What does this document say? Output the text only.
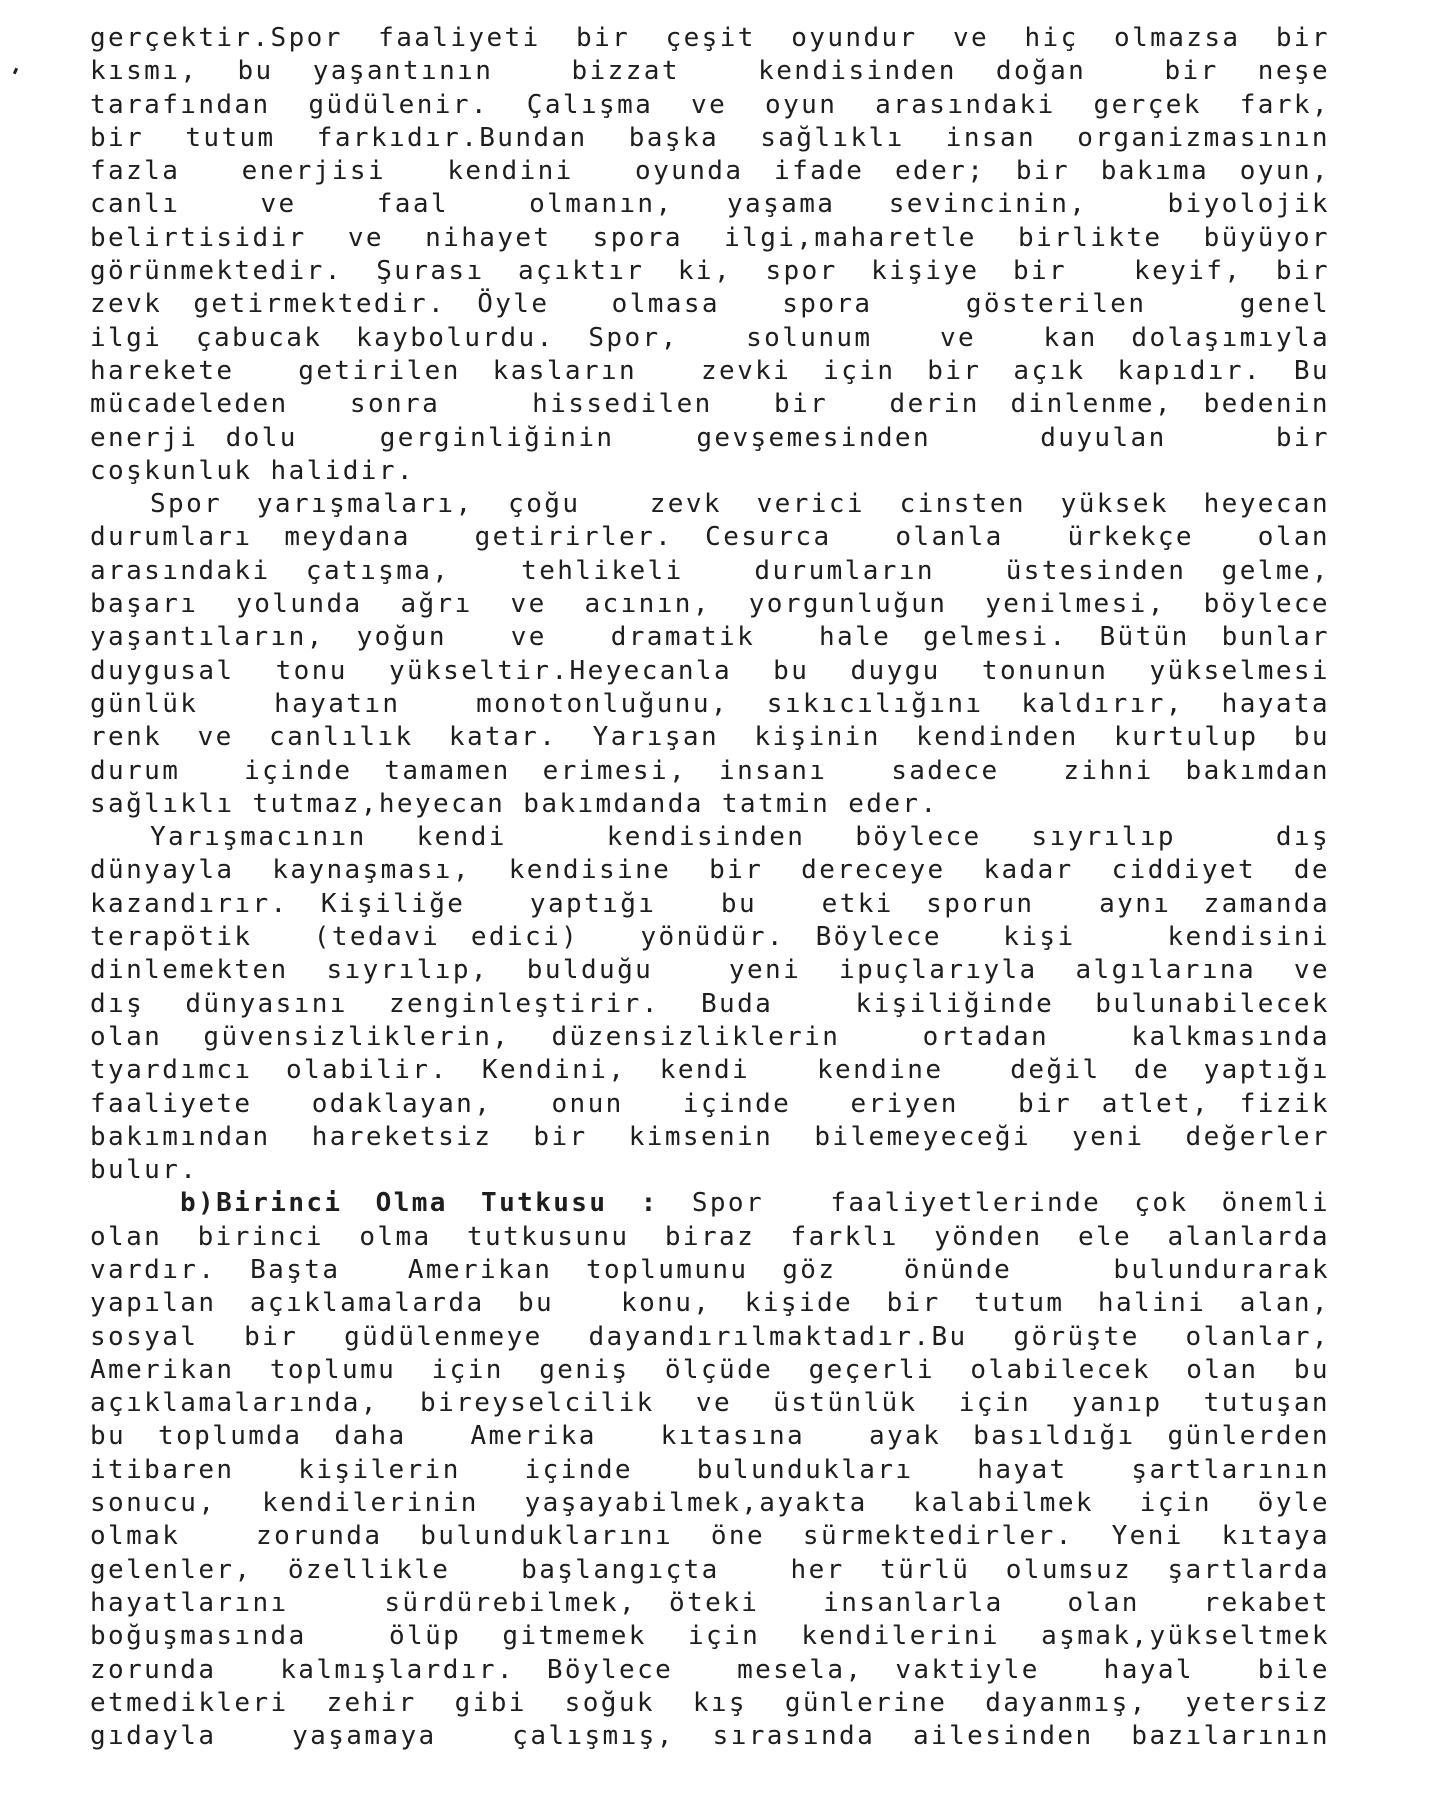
gerçektir.Spor faaliyeti bir çeşit oyundur ve hiç olmazsa bir
kısmı, bu yaşantının  bizzat  kendisinden doğan  bir neşe
tarafından güdülenir. Çalışma ve oyun arasındaki gerçek fark,
bir tutum farkıdır.Bundan başka sağlıklı insan organizmasının
fazla  enerjisi  kendini  oyunda ifade eder; bir bakıma oyun,
canlı   ve   faal   olmanın,  yaşama  sevincinin,   biyolojik
belirtisidir ve nihayet spora ilgi,maharetle birlikte büyüyor
görünmektedir. Şurası açıktır ki, spor kişiye bir  keyif, bir
zevk getirmektedir. Öyle  olmasa  spora   gösterilen   genel
ilgi çabucak kaybolurdu. Spor,  solunum  ve  kan dolaşımıyla
harekete  getirilen kasların  zevki için bir açık kapıdır. Bu
mücadeleden  sonra   hissedilen  bir  derin dinlenme, bedenin
enerji dolu   gerginliğinin   gevşemesinden    duyulan    bir
coşkunluk halidir.
Spor yarışmaları, çoğu  zevk verici cinsten yüksek heyecan
durumları meydana  getirirler. Cesurca  olanla  ürkekçe  olan
arasındaki çatışma,  tehlikeli  durumların  üstesinden gelme,
başarı yolunda ağrı ve acının, yorgunluğun yenilmesi, böylece
yaşantıların, yoğun  ve  dramatik  hale gelmesi. Bütün bunlar
duygusal tonu yükseltir.Heyecanla bu duygu tonunun yükselmesi
günlük  hayatın  monotonluğunu, sıkıcılığını kaldırır, hayata
renk ve canlılık katar. Yarışan kişinin kendinden kurtulup bu
durum  içinde tamamen erimesi, insanı  sadece  zihni bakımdan
sağlıklı tutmaz,heyecan bakımdanda tatmin eder.
Yarışmacının kendi  kendisinden böylece sıyrılıp  dış
dünyayla kaynaşması, kendisine bir dereceye kadar ciddiyet de
kazandırır. Kişiliğe  yaptığı  bu  etki sporun  aynı zamanda
terapötik  (tedavi edici)  yönüdür. Böylece  kişi   kendisini
dinlemekten sıyrılıp, bulduğu  yeni ipuçlarıyla algılarına ve
dış dünyasını zenginleştirir. Buda  kişiliğinde bulunabilecek
olan güvensizliklerin, düzensizliklerin  ortadan  kalkmasında
tyardımcı olabilir. Kendini, kendi  kendine  değil de yaptığı
faaliyete  odaklayan,  onun  içinde  eriyen  bir atlet, fizik
bakımından hareketsiz bir kimsenin bilemeyeceği yeni değerler
bulur.
b)Birinci Olma Tutkusu : Spor  faaliyetlerinde çok önemli
olan birinci olma tutkusunu biraz farklı yönden ele alanlarda
vardır. Başta  Amerikan toplumunu göz  önünde   bulundurarak
yapılan açıklamalarda bu  konu, kişide bir tutum halini alan,
sosyal bir güdülenmeye dayandırılmaktadır.Bu görüşte olanlar,
Amerikan toplumu için geniş ölçüde geçerli olabilecek olan bu
açıklamalarında, bireyselcilik ve üstünlük için yanıp tutuşan
bu toplumda daha  Amerika  kıtasına  ayak basıldığı günlerden
itibaren  kişilerin  içinde  bulundukları  hayat  şartlarının
sonucu, kendilerinin yaşayabilmek,ayakta kalabilmek için öyle
olmak  zorunda bulunduklarını öne sürmektedirler. Yeni kıtaya
gelenler, özellikle  başlangıçta  her türlü olumsuz şartlarda
hayatlarını   sürdürebilmek, öteki  insanlarla  olan  rekabet
boğuşmasında  ölüp gitmemek için kendilerini aşmak,yükseltmek
zorunda  kalmışlardır. Böylece  mesela, vaktiyle  hayal  bile
etmedikleri zehir gibi soğuk kış günlerine dayanmış, yetersiz
gıdayla  yaşamaya  çalışmış, sırasında ailesinden bazılarının
